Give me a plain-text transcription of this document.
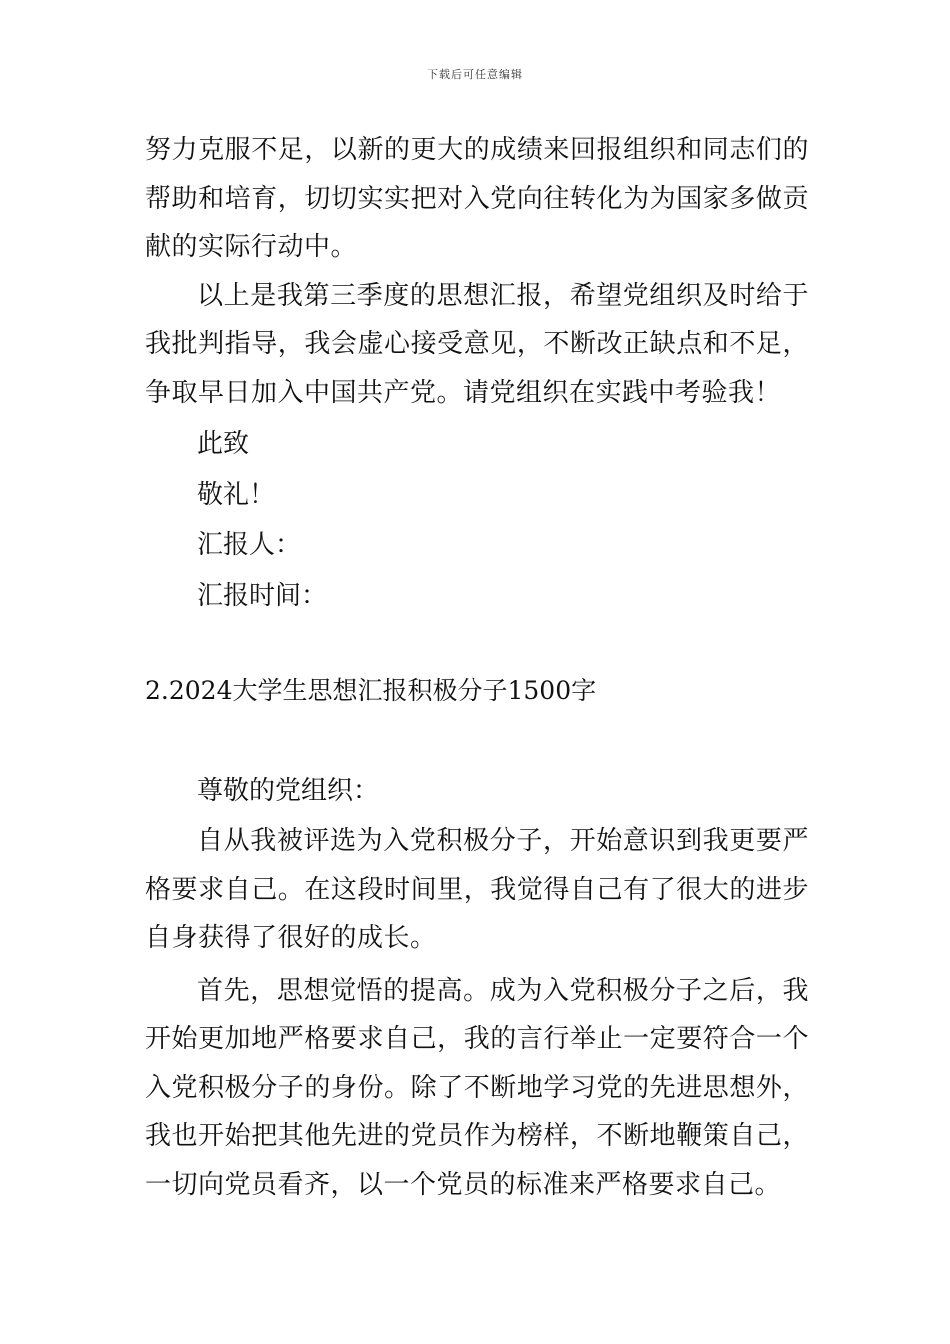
下载后可任意编辑

努力克服不足，以新的更大的成绩来回报组织和同志们的帮助和培育，切切实实把对入党向往转化为为国家多做贡献的实际行动中。

以上是我第三季度的思想汇报，希望党组织及时给于我批判指导，我会虚心接受意见，不断改正缺点和不足，争取早日加入中国共产党。请党组织在实践中考验我！

此致

敬礼！

汇报人：

汇报时间：

2.2024大学生思想汇报积极分子1500字

尊敬的党组织：

自从我被评选为入党积极分子，开始意识到我更要严格要求自己。在这段时间里，我觉得自己有了很大的进步自身获得了很好的成长。

首先，思想觉悟的提高。成为入党积极分子之后，我开始更加地严格要求自己，我的言行举止一定要符合一个入党积极分子的身份。除了不断地学习党的先进思想外，我也开始把其他先进的党员作为榜样，不断地鞭策自己，一切向党员看齐，以一个党员的标准来严格要求自己。
